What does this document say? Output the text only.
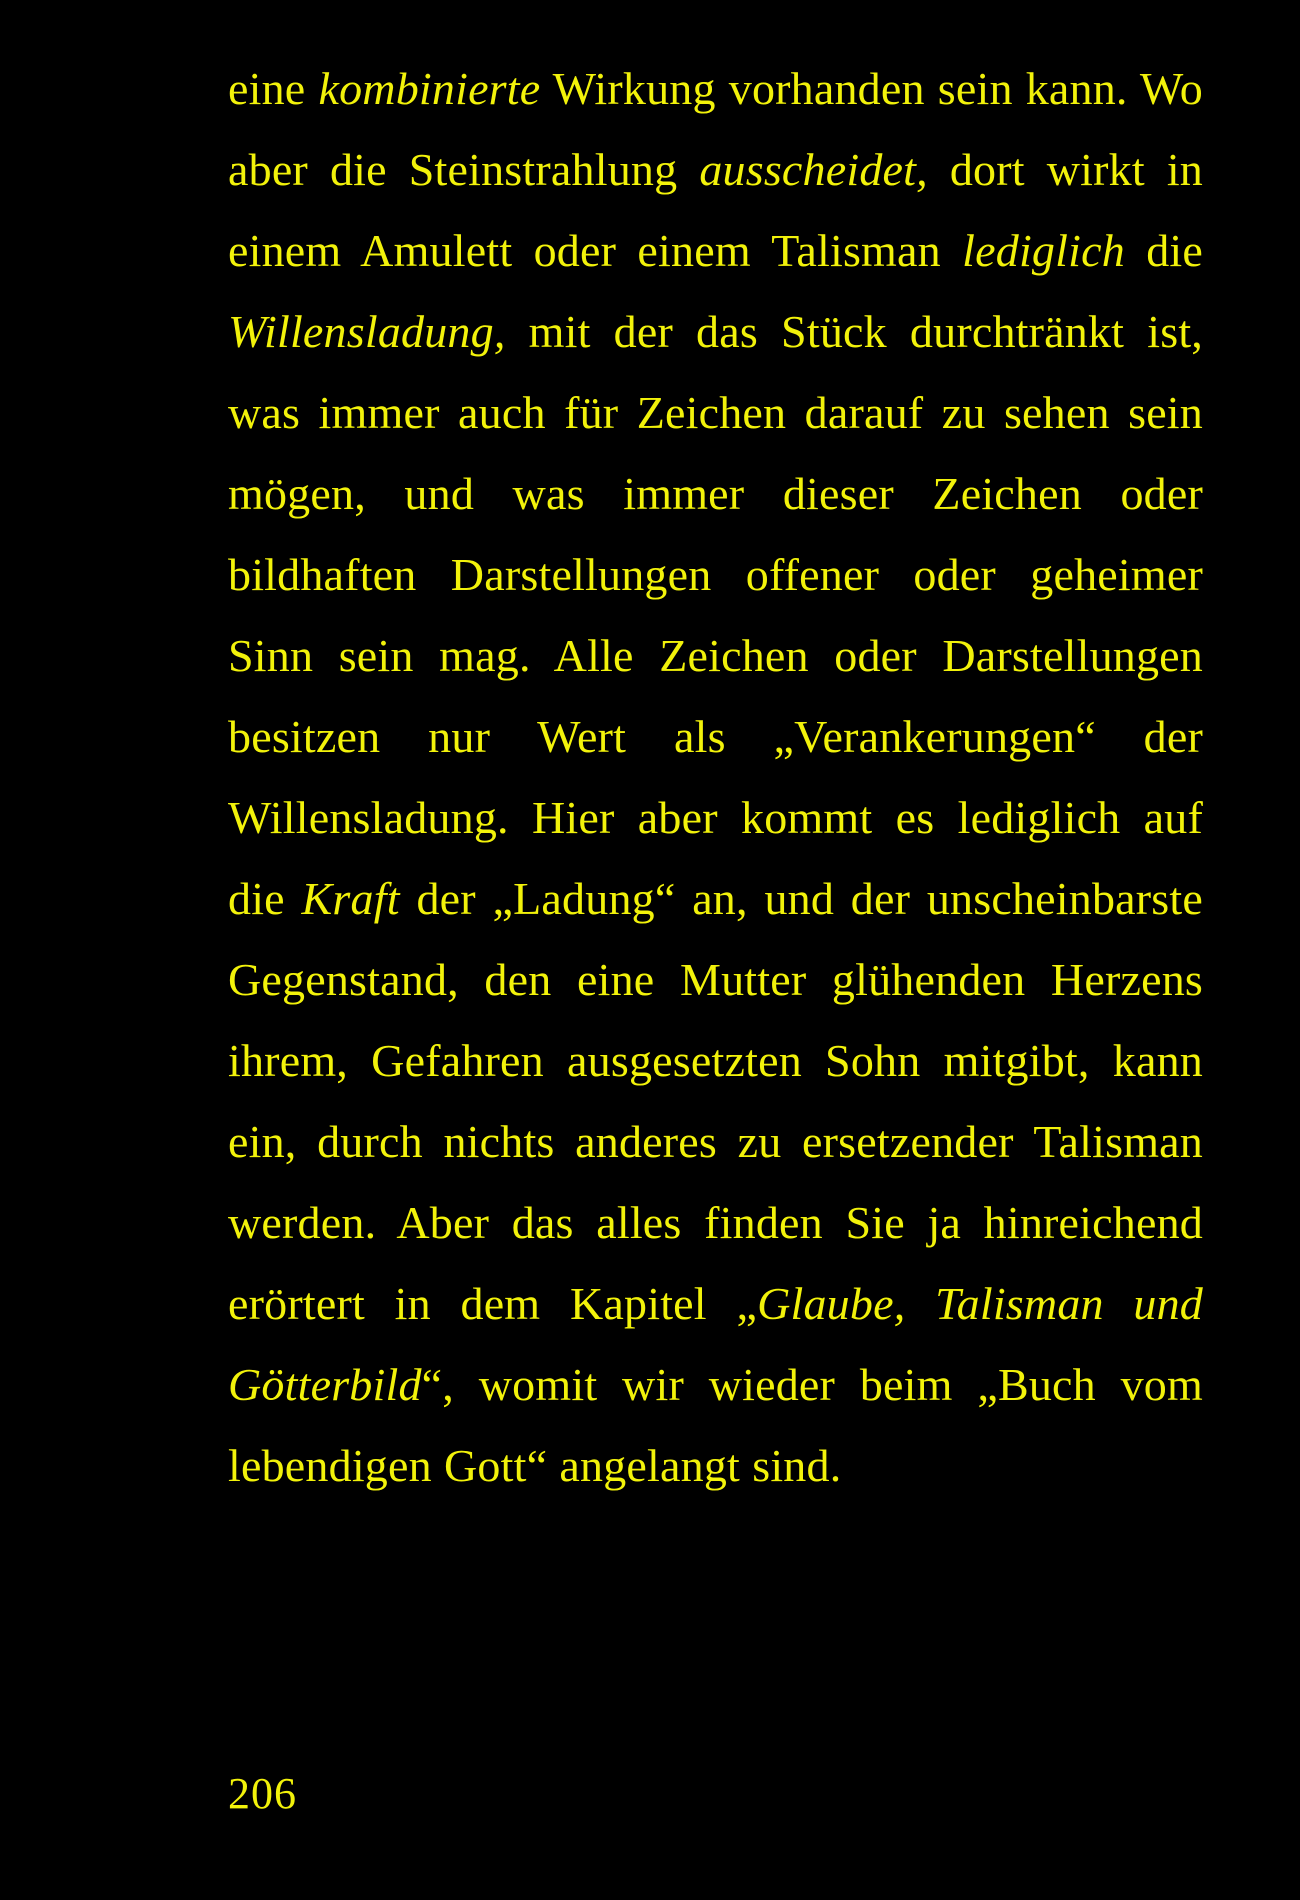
eine kombinierte Wirkung vorhanden sein kann. Wo aber die Steinstrahlung ausscheidet, dort wirkt in einem Amulett oder einem Talisman lediglich die Willensladung, mit der das Stück durchtränkt ist, was immer auch für Zeichen darauf zu sehen sein mögen, und was immer dieser Zeichen oder bildhaften Darstellungen offener oder geheimer Sinn sein mag. Alle Zeichen oder Darstellungen besitzen nur Wert als „Verankerungen“ der Willensladung. Hier aber kommt es lediglich auf die Kraft der „Ladung“ an, und der unscheinbarste Gegenstand, den eine Mutter glühenden Herzens ihrem, Gefahren ausgesetzten Sohn mitgibt, kann ein, durch nichts anderes zu ersetzender Talisman werden. Aber das alles finden Sie ja hinreichend erörtert in dem Kapitel „Glaube, Talisman und Götterbild“, womit wir wieder beim „Buch vom lebendigen Gott“ angelangt sind.

206
